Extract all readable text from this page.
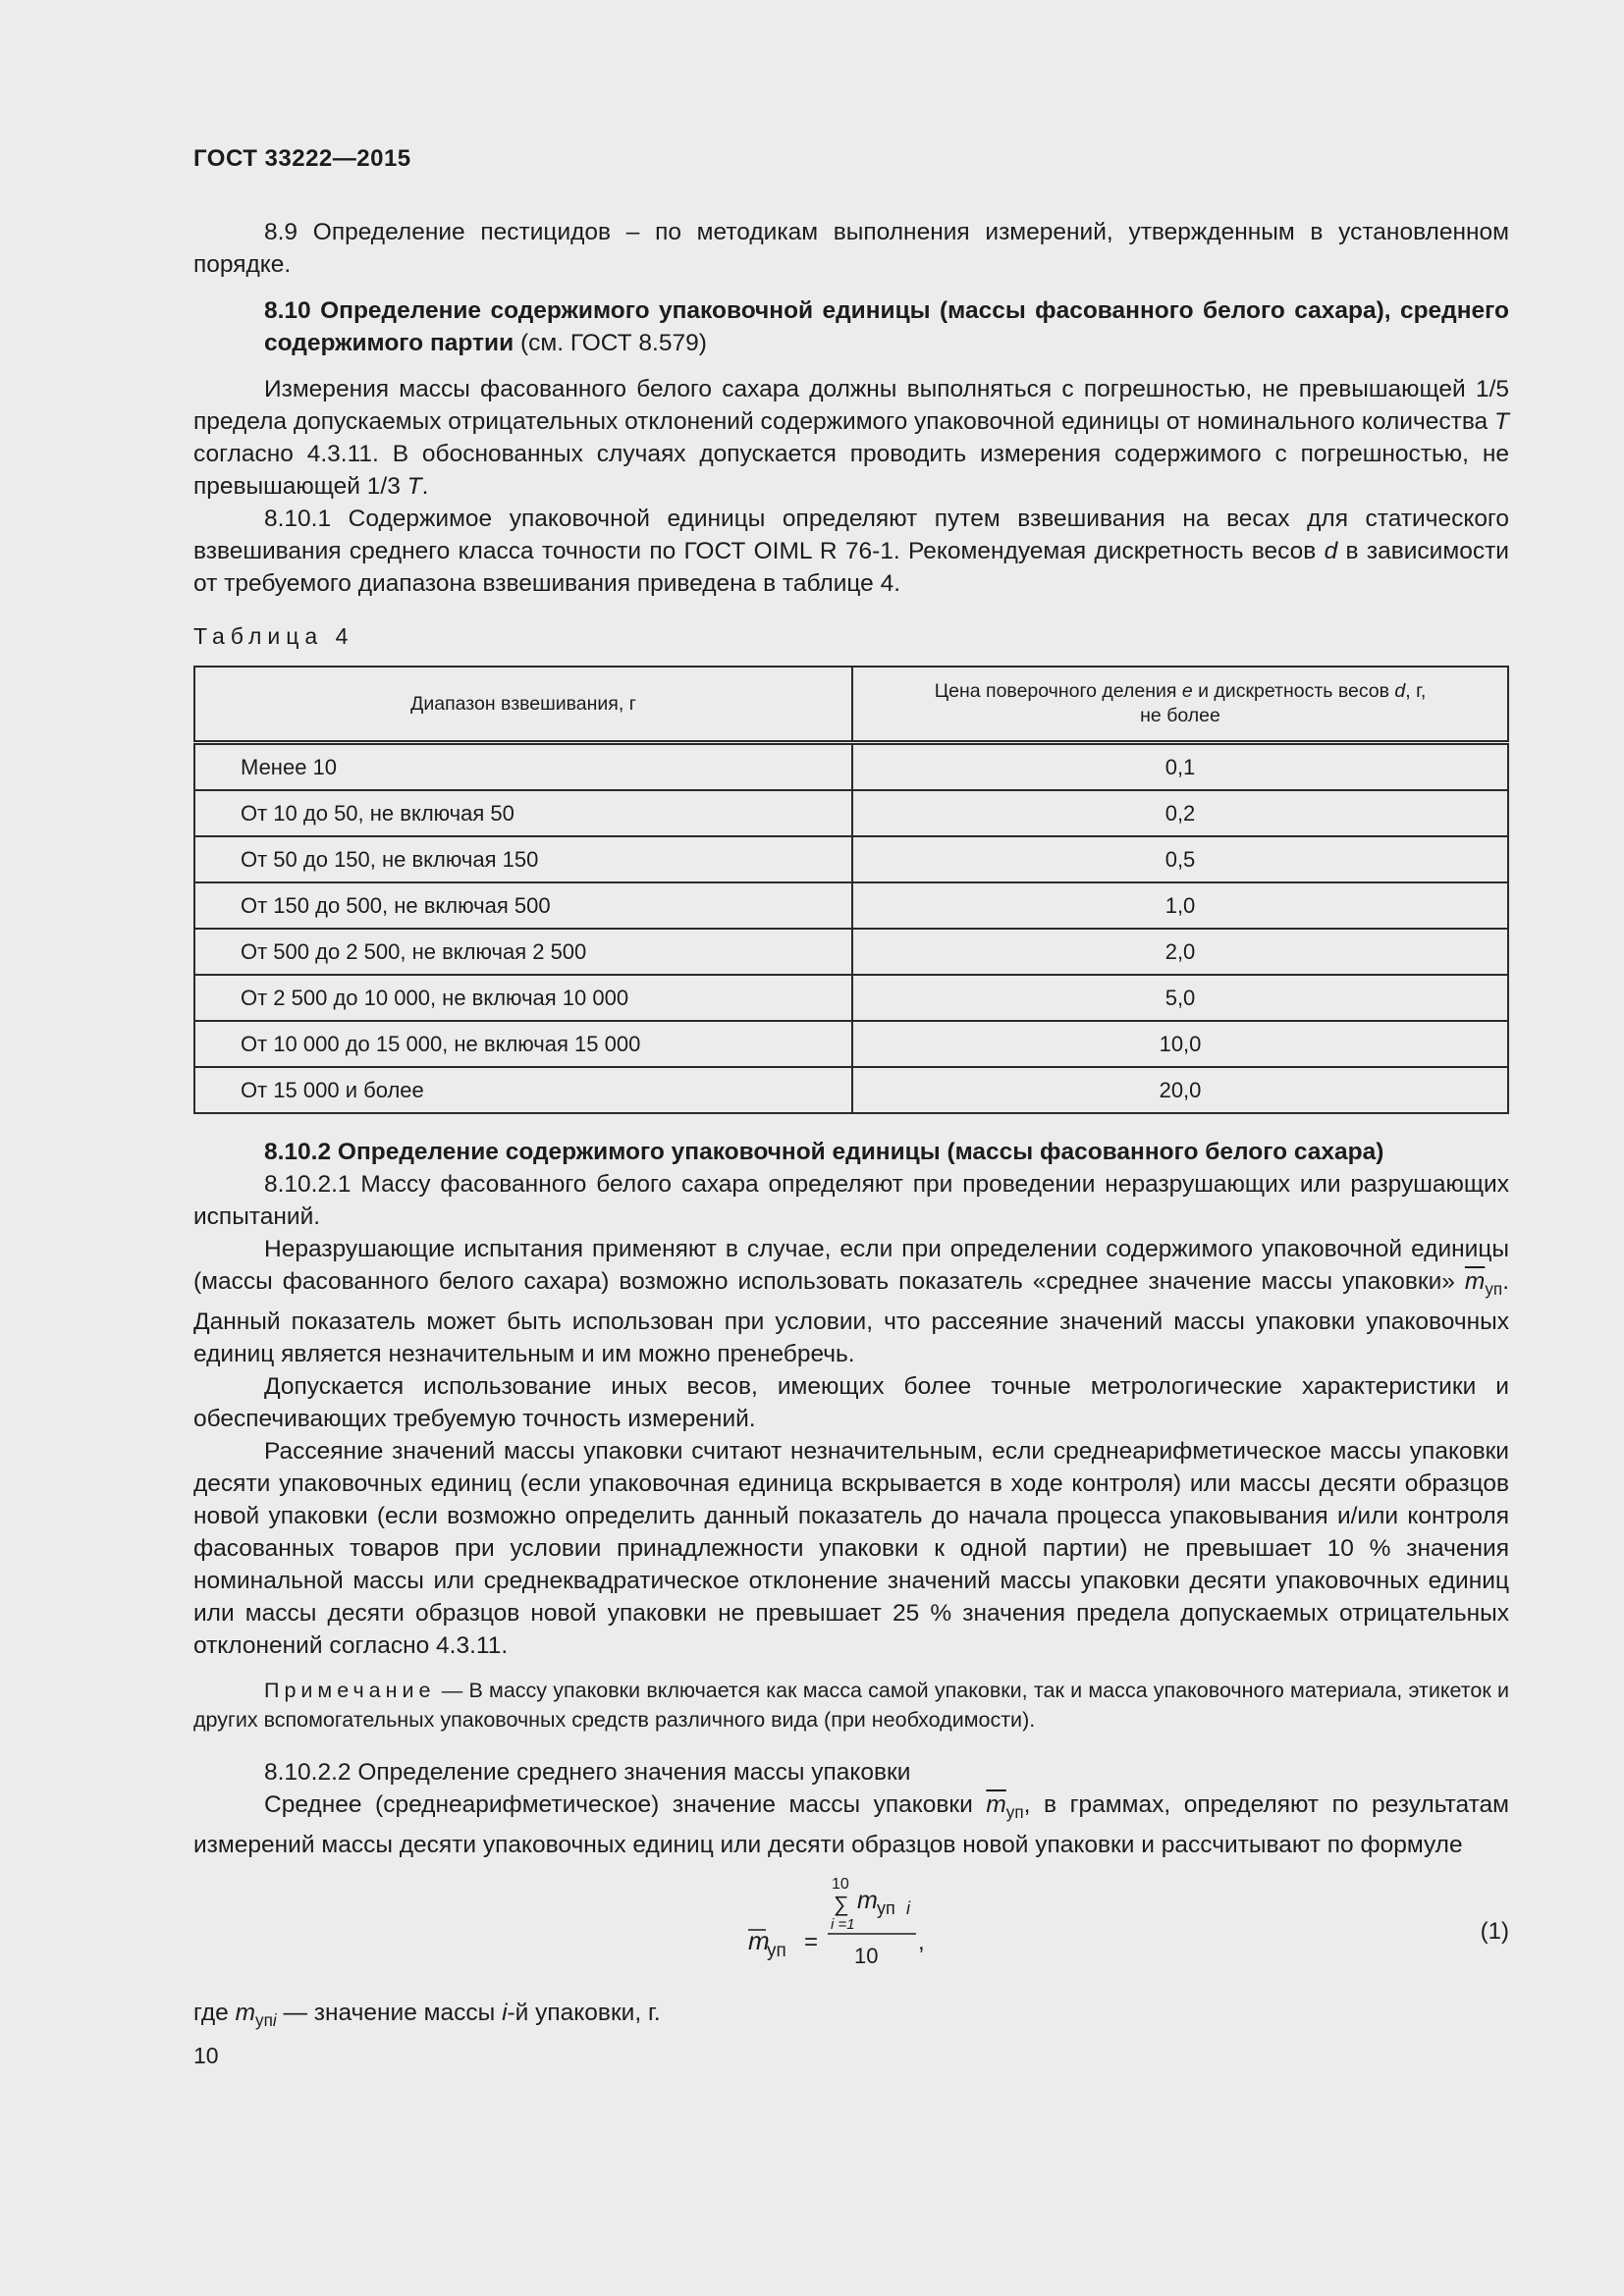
ГОСТ 33222—2015

8.9 Определение пестицидов – по методикам выполнения измерений, утвержденным в установленном порядке.

8.10 Определение содержимого упаковочной единицы (массы фасованного белого сахара), среднего содержимого партии (см. ГОСТ 8.579)

Измерения массы фасованного белого сахара должны выполняться с погрешностью, не превышающей 1/5 предела допускаемых отрицательных отклонений содержимого упаковочной единицы от номинального количества T согласно 4.3.11. В обоснованных случаях допускается проводить измерения содержимого с погрешностью, не превышающей 1/3 T.

8.10.1 Содержимое упаковочной единицы определяют путем взвешивания на весах для статического взвешивания среднего класса точности по ГОСТ OIML R 76-1. Рекомендуемая дискретность весов d в зависимости от требуемого диапазона взвешивания приведена в таблице 4.

Таблица 4
Диапазон взвешивания, г	Цена поверочного деления e и дискретность весов d, г,
не более
Менее 10	0,1
От 10 до 50, не включая 50	0,2
От 50 до 150, не включая 150	0,5
От 150 до 500, не включая 500	1,0
От 500 до 2 500, не включая 2 500	2,0
От 2 500 до 10 000, не включая 10 000	5,0
От 10 000 до 15 000, не включая 15 000	10,0
От 15 000 и более	20,0

8.10.2 Определение содержимого упаковочной единицы (массы фасованного белого сахара)

8.10.2.1 Массу фасованного белого сахара определяют при проведении неразрушающих или разрушающих испытаний.

Неразрушающие испытания применяют в случае, если при определении содержимого упаковочной единицы (массы фасованного белого сахара) возможно использовать показатель «среднее значение массы упаковки» $\overline{m}_{уп}$. Данный показатель может быть использован при условии, что рассеяние значений массы упаковки упаковочных единиц является незначительным и им можно пренебречь.

Допускается использование иных весов, имеющих более точные метрологические характеристики и обеспечивающих требуемую точность измерений.

Рассеяние значений массы упаковки считают незначительным, если среднеарифметическое массы упаковки десяти упаковочных единиц (если упаковочная единица вскрывается в ходе контроля) или массы десяти образцов новой упаковки (если возможно определить данный показатель до начала процесса упаковывания и/или контроля фасованных товаров при условии принадлежности упаковки к одной партии) не превышает 10 % значения номинальной массы или среднеквадратическое отклонение значений массы упаковки десяти упаковочных единиц или массы десяти образцов новой упаковки не превышает 25 % значения предела допускаемых отрицательных отклонений согласно 4.3.11.

Примечание — В массу упаковки включается как масса самой упаковки, так и масса упаковочного материала, этикеток и других вспомогательных упаковочных средств различного вида (при необходимости).

8.10.2.2 Определение среднего значения массы упаковки

Среднее (среднеарифметическое) значение массы упаковки $\overline{m}_{уп}$, в граммах, определяют по результатам измерений массы десяти упаковочных единиц или десяти образцов новой упаковки и рассчитывают по формуле

m
уп =
10
∑
i =1
m уп i
10
,	(1)

где $m_{упi}$ — значение массы i-й упаковки, г.

10
